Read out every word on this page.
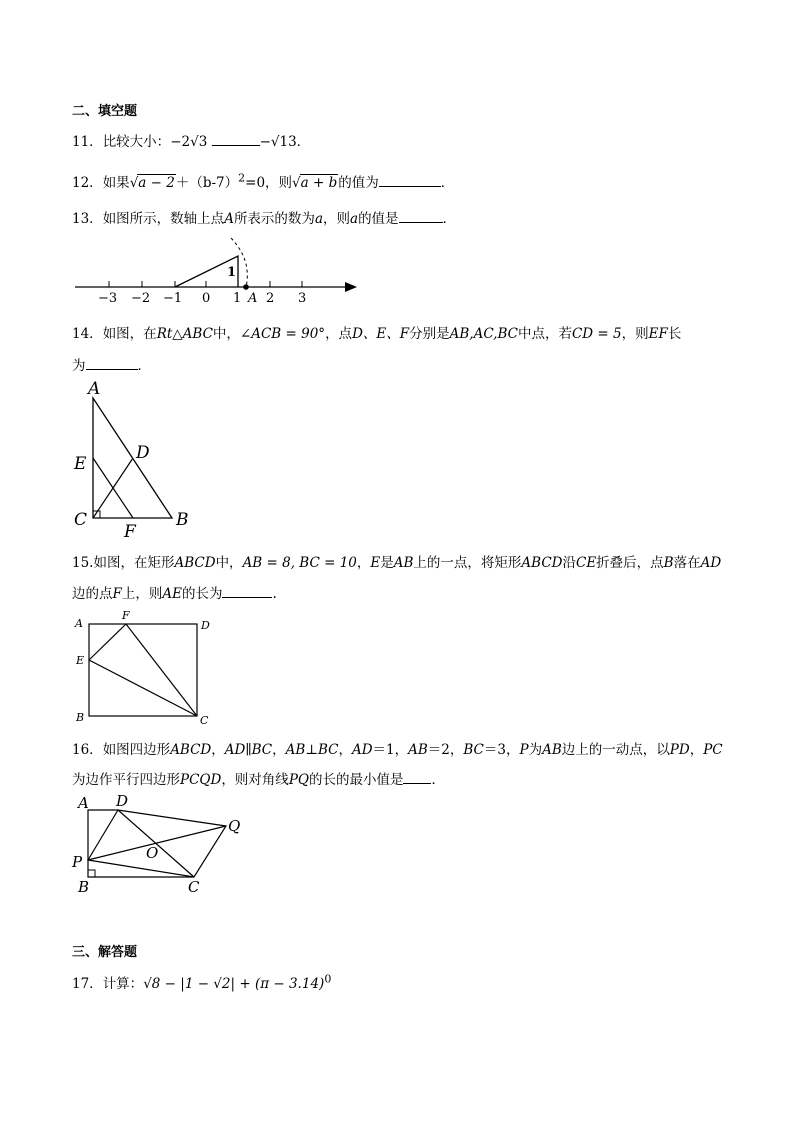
二、填空题
11．比较大小：−2√3	−√13．
12．如果$√a - 2+(b-7)^2=0$，则√a + b的值为	．
13．如图所示，数轴上点A所表示的数为a，则a的值是	．
−3 −2 −1 0 1 2 3
1
A
14．如图，在Rt△ABC中，∠ACB = 90°，点D、E、F分别是AB,AC,BC中点，若CD = 5，则EF长
为	．
A
B
C
D
E
F
15.如图，在矩形ABCD中，AB = 8, BC = 10，E是AB上的一点，将矩形ABCD沿CE折叠后，点B落在AD
边的点F上，则AE的长为	.
A
B	C
D
E
F
16．如图四边形ABCD，AD∥BC，AB⊥BC，AD＝1，AB＝2，BC＝3，P为AB边上的一动点，以PD，PC
为边作平行四边形PCQD，则对角线PQ的长的最小值是 ．
A D
Q
P	O
B	C
三、解答题
17．计算：$√8 - |1 - √2| + (\pi - 3.14)^0$
